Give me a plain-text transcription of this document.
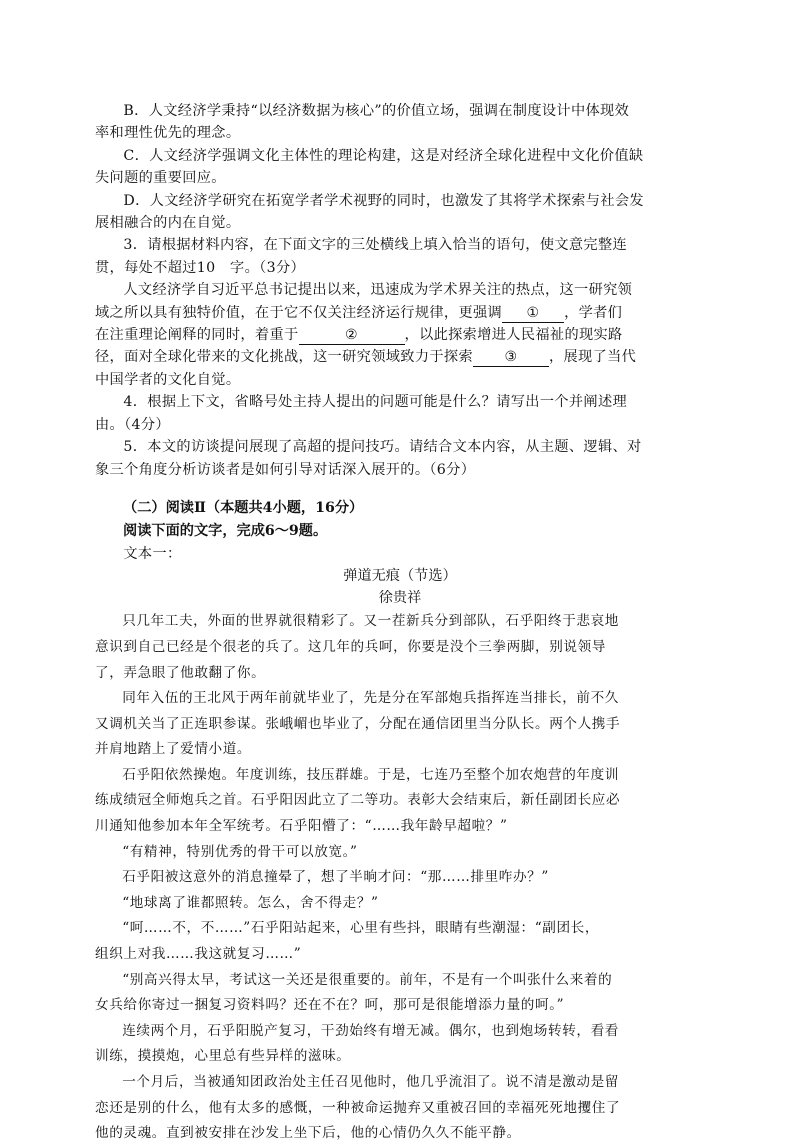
B．人文经济学秉持“以经济数据为核心”的价值立场，强调在制度设计中体现效

率和理性优先的理念。

C．人文经济学强调文化主体性的理论构建，这是对经济全球化进程中文化价值缺

失问题的重要回应。

D．人文经济学研究在拓宽学者学术视野的同时，也激发了其将学术探索与社会发

展相融合的内在自觉。

3．请根据材料内容，在下面文字的三处横线上填入恰当的语句，使文意完整连

贯，每处不超过10　字。（3分）

人文经济学自习近平总书记提出以来，迅速成为学术界关注的热点，这一研究领

域之所以具有独特价值，在于它不仅关注经济运行规律，更强调 ① ，学者们

在注重理论阐释的同时，着重于	②	，以此探索增进人民福祉的现实路

径，面对全球化带来的文化挑战，这一研究领域致力于探索 ③ ，展现了当代

中国学者的文化自觉。

4．根据上下文，省略号处主持人提出的问题可能是什么？请写出一个并阐述理

由。（4分）

5．本文的访谈提问展现了高超的提问技巧。请结合文本内容，从主题、逻辑、对

象三个角度分析访谈者是如何引导对话深入展开的。（6分）

（二）阅读Ⅱ（本题共4小题，16分）

阅读下面的文字，完成6～9题。

文本一：

弹道无痕（节选）

徐贵祥

只几年工夫，外面的世界就很精彩了。又一茬新兵分到部队，石乎阳终于悲哀地

意识到自己已经是个很老的兵了。这几年的兵呵，你要是没个三拳两脚，别说领导

了，弄急眼了他敢翻了你。

同年入伍的王北风于两年前就毕业了，先是分在军部炮兵指挥连当排长，前不久

又调机关当了正连职参谋。张峨嵋也毕业了，分配在通信团里当分队长。两个人携手

并肩地踏上了爱情小道。

石乎阳依然操炮。年度训练，技压群雄。于是，七连乃至整个加农炮营的年度训

练成绩冠全师炮兵之首。石乎阳因此立了二等功。表彰大会结束后，新任副团长应必

川通知他参加本年全军统考。石乎阳懵了：“……我年龄早超啦？”

“有精神，特别优秀的骨干可以放宽。”

石乎阳被这意外的消息撞晕了，想了半晌才问：“那……排里咋办？”

“地球离了谁都照转。怎么，舍不得走？”

“呵……不，不……”石乎阳站起来，心里有些抖，眼睛有些潮湿：“副团长，

组织上对我……我这就复习……”

“别高兴得太早，考试这一关还是很重要的。前年，不是有一个叫张什么来着的

女兵给你寄过一捆复习资料吗？还在不在？呵，那可是很能增添力量的呵。”

连续两个月，石乎阳脱产复习，干劲始终有增无减。偶尔，也到炮场转转，看看

训练，摸摸炮，心里总有些异样的滋味。

一个月后，当被通知团政治处主任召见他时，他几乎流泪了。说不清是激动是留

恋还是别的什么，他有太多的感慨，一种被命运抛弃又重被召回的幸福死死地攫住了

他的灵魂。直到被安排在沙发上坐下后，他的心情仍久久不能平静。
